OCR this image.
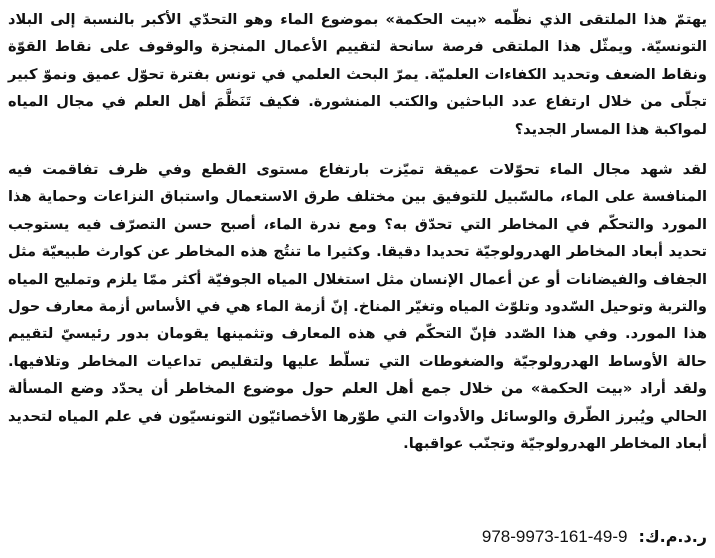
يهتمّ هذا الملتقى الذي نظّمه «بيت الحكمة» بموضوع الماء وهو التحدّي الأكبر بالنسبة إلى البلاد التونسيّة. ويمثّل هذا الملتقى فرصة سانحة لتقييم الأعمال المنجزة والوقوف على نقاط القوّة ونقاط الضعف وتحديد الكفاءات العلميّة. يمرّ البحث العلمي في تونس بفترة تحوّل عميق ونموّ كبير تجلّى من خلال ارتفاع عدد الباحثين والكتب المنشورة. فكيف تَنَظَّمَ أهل العلم في مجال المياه لمواكبة هذا المسار الجديد؟

لقد شهد مجال الماء تحوّلات عميقة تميّزت بارتفاع مستوى القطع وفي ظرف تفاقمت فيه المنافسة على الماء، مالسّبيل للتوفيق بين مختلف طرق الاستعمال واستباق النزاعات وحماية هذا المورد والتحكّم في المخاطر التي تحدّق به؟ ومع ندرة الماء، أصبح حسن التصرّف فيه يستوجب تحديد أبعاد المخاطر الهدرولوجيّة تحديدا دقيقا. وكثيرا ما تنتُج هذه المخاطر عن كوارث طبيعيّة مثل الجفاف والفيضانات أو عن أعمال الإنسان مثل استغلال المياه الجوفيّة أكثر ممّا يلزم وتمليح المياه والتربة وتوحيل السّدود وتلوّث المياه وتغيّر المناخ. إنّ أزمة الماء هي في الأساس أزمة معارف حول هذا المورد. وفي هذا الصّدد فإنّ التحكّم في هذه المعارف وتثمينها يقومان بدور رئيسيّ لتقييم حالة الأوساط الهدرولوجيّة والضغوطات التي تسلّط عليها ولتقليص تداعيات المخاطر وتلافيها. ولقد أراد «بيت الحكمة» من خلال جمع أهل العلم حول موضوع المخاطر أن يحدّد وضع المسألة الحالي ويُبرز الطّرق والوسائل والأدوات التي طوّرها الأخصائيّون التونسيّون في علم المياه لتحديد أبعاد المخاطر الهدرولوجيّة وتجنّب عواقبها.

ر.د.م.ك: 978-9973-161-49-9
